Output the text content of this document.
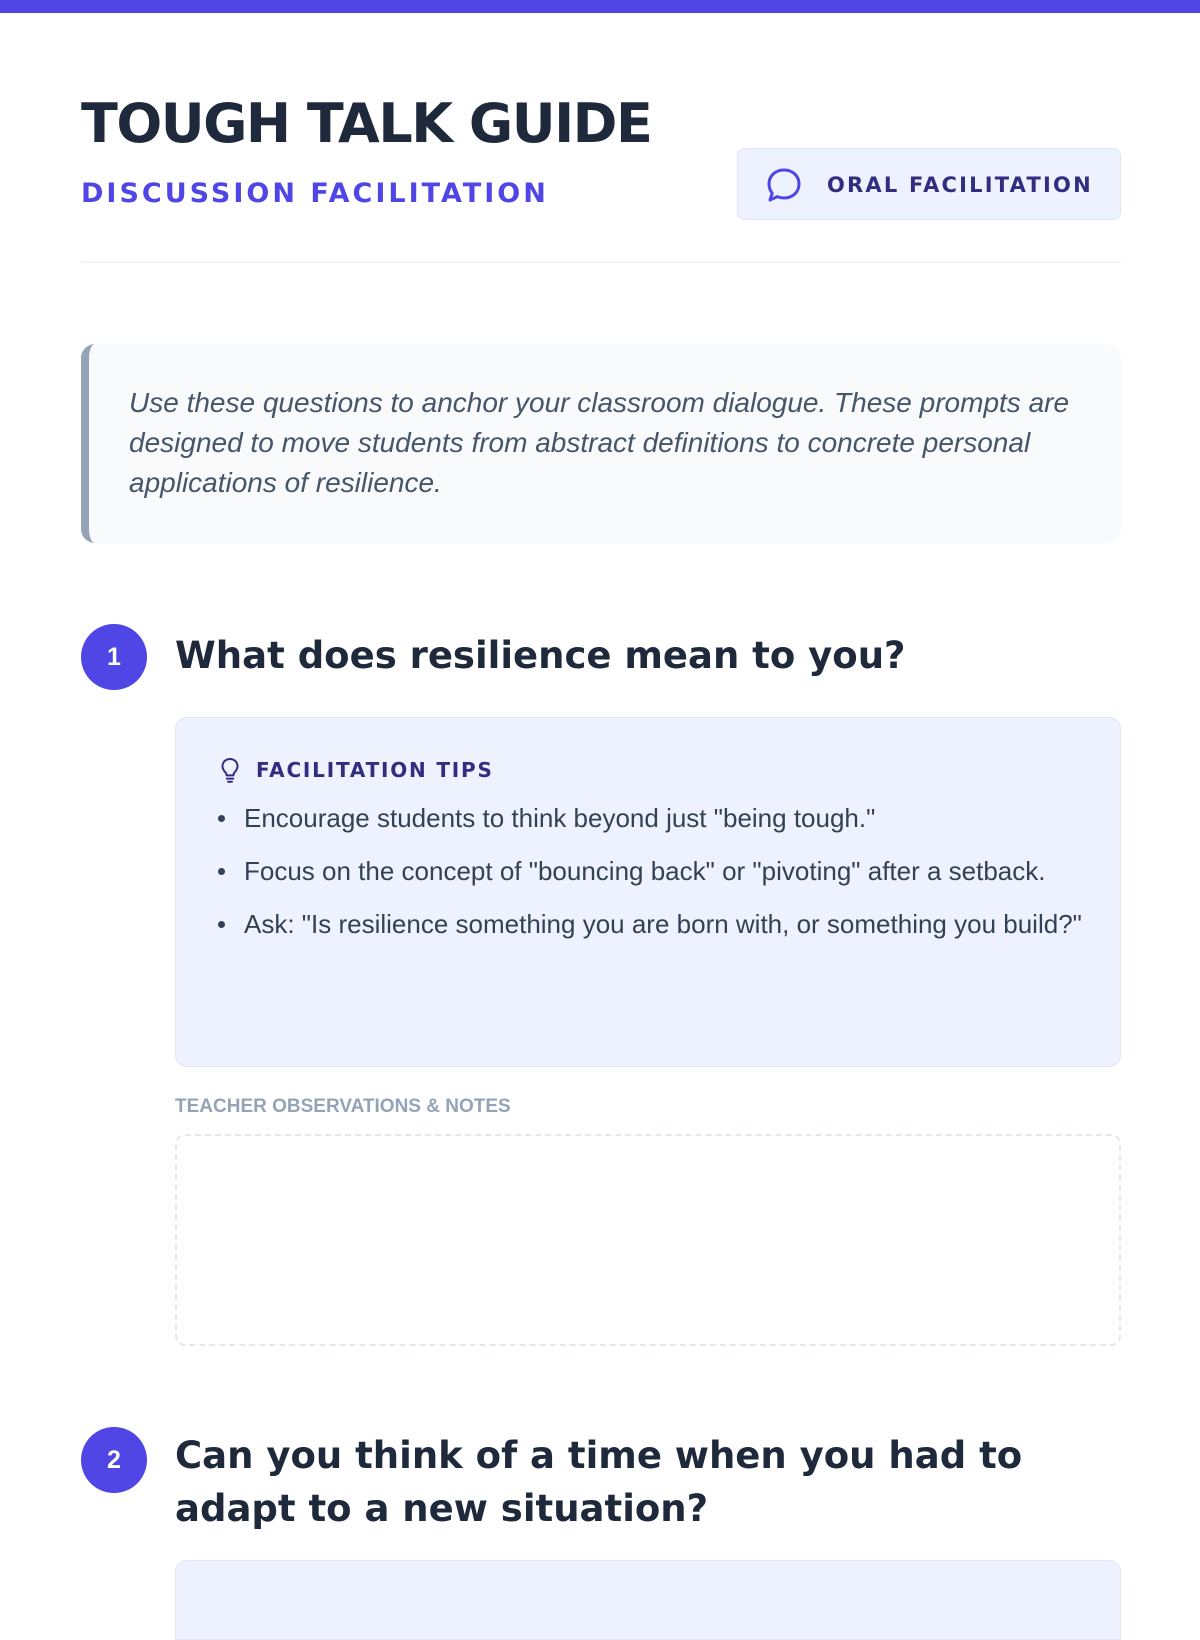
TOUGH TALK GUIDE
DISCUSSION FACILITATION	ORAL FACILITATION

Use these questions to anchor your classroom dialogue. These prompts are designed to move students from abstract definitions to concrete personal applications of resilience.

1	What does resilience mean to you?
FACILITATION TIPS
Encourage students to think beyond just "being tough."
Focus on the concept of "bouncing back" or "pivoting" after a setback.
Ask: "Is resilience something you are born with, or something you build?"
TEACHER OBSERVATIONS & NOTES
2	Can you think of a time when you had to adapt to a new situation?
